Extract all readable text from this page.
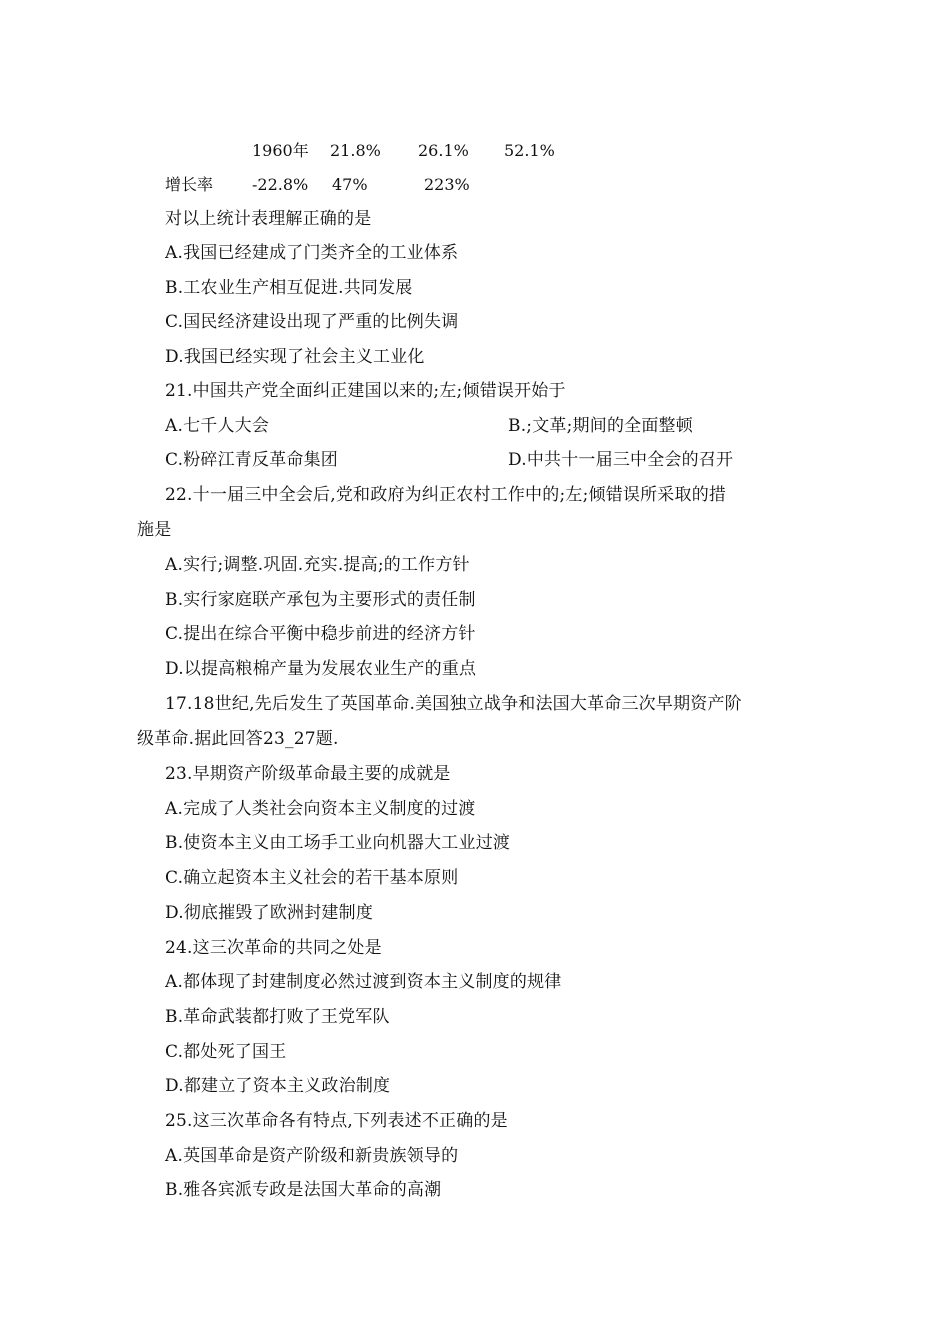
1960年 21.8% 26.1% 52.1%
增长率 -22.8% 47%	223%
对以上统计表理解正确的是
A.我国已经建成了门类齐全的工业体系
B.工农业生产相互促进.共同发展
C.国民经济建设出现了严重的比例失调
D.我国已经实现了社会主义工业化
21.中国共产党全面纠正建国以来的;左;倾错误开始于
A.七千人大会	B.;文革;期间的全面整顿
C.粉碎江青反革命集团	D.中共十一届三中全会的召开
22.十一届三中全会后,党和政府为纠正农村工作中的;左;倾错误所采取的措
施是
A.实行;调整.巩固.充实.提高;的工作方针
B.实行家庭联产承包为主要形式的责任制
C.提出在综合平衡中稳步前进的经济方针
D.以提高粮棉产量为发展农业生产的重点
17.18世纪,先后发生了英国革命.美国独立战争和法国大革命三次早期资产阶
级革命.据此回答23_27题.
23.早期资产阶级革命最主要的成就是
A.完成了人类社会向资本主义制度的过渡
B.使资本主义由工场手工业向机器大工业过渡
C.确立起资本主义社会的若干基本原则
D.彻底摧毁了欧洲封建制度
24.这三次革命的共同之处是
A.都体现了封建制度必然过渡到资本主义制度的规律
B.革命武装都打败了王党军队
C.都处死了国王
D.都建立了资本主义政治制度
25.这三次革命各有特点,下列表述不正确的是
A.英国革命是资产阶级和新贵族领导的
B.雅各宾派专政是法国大革命的高潮
